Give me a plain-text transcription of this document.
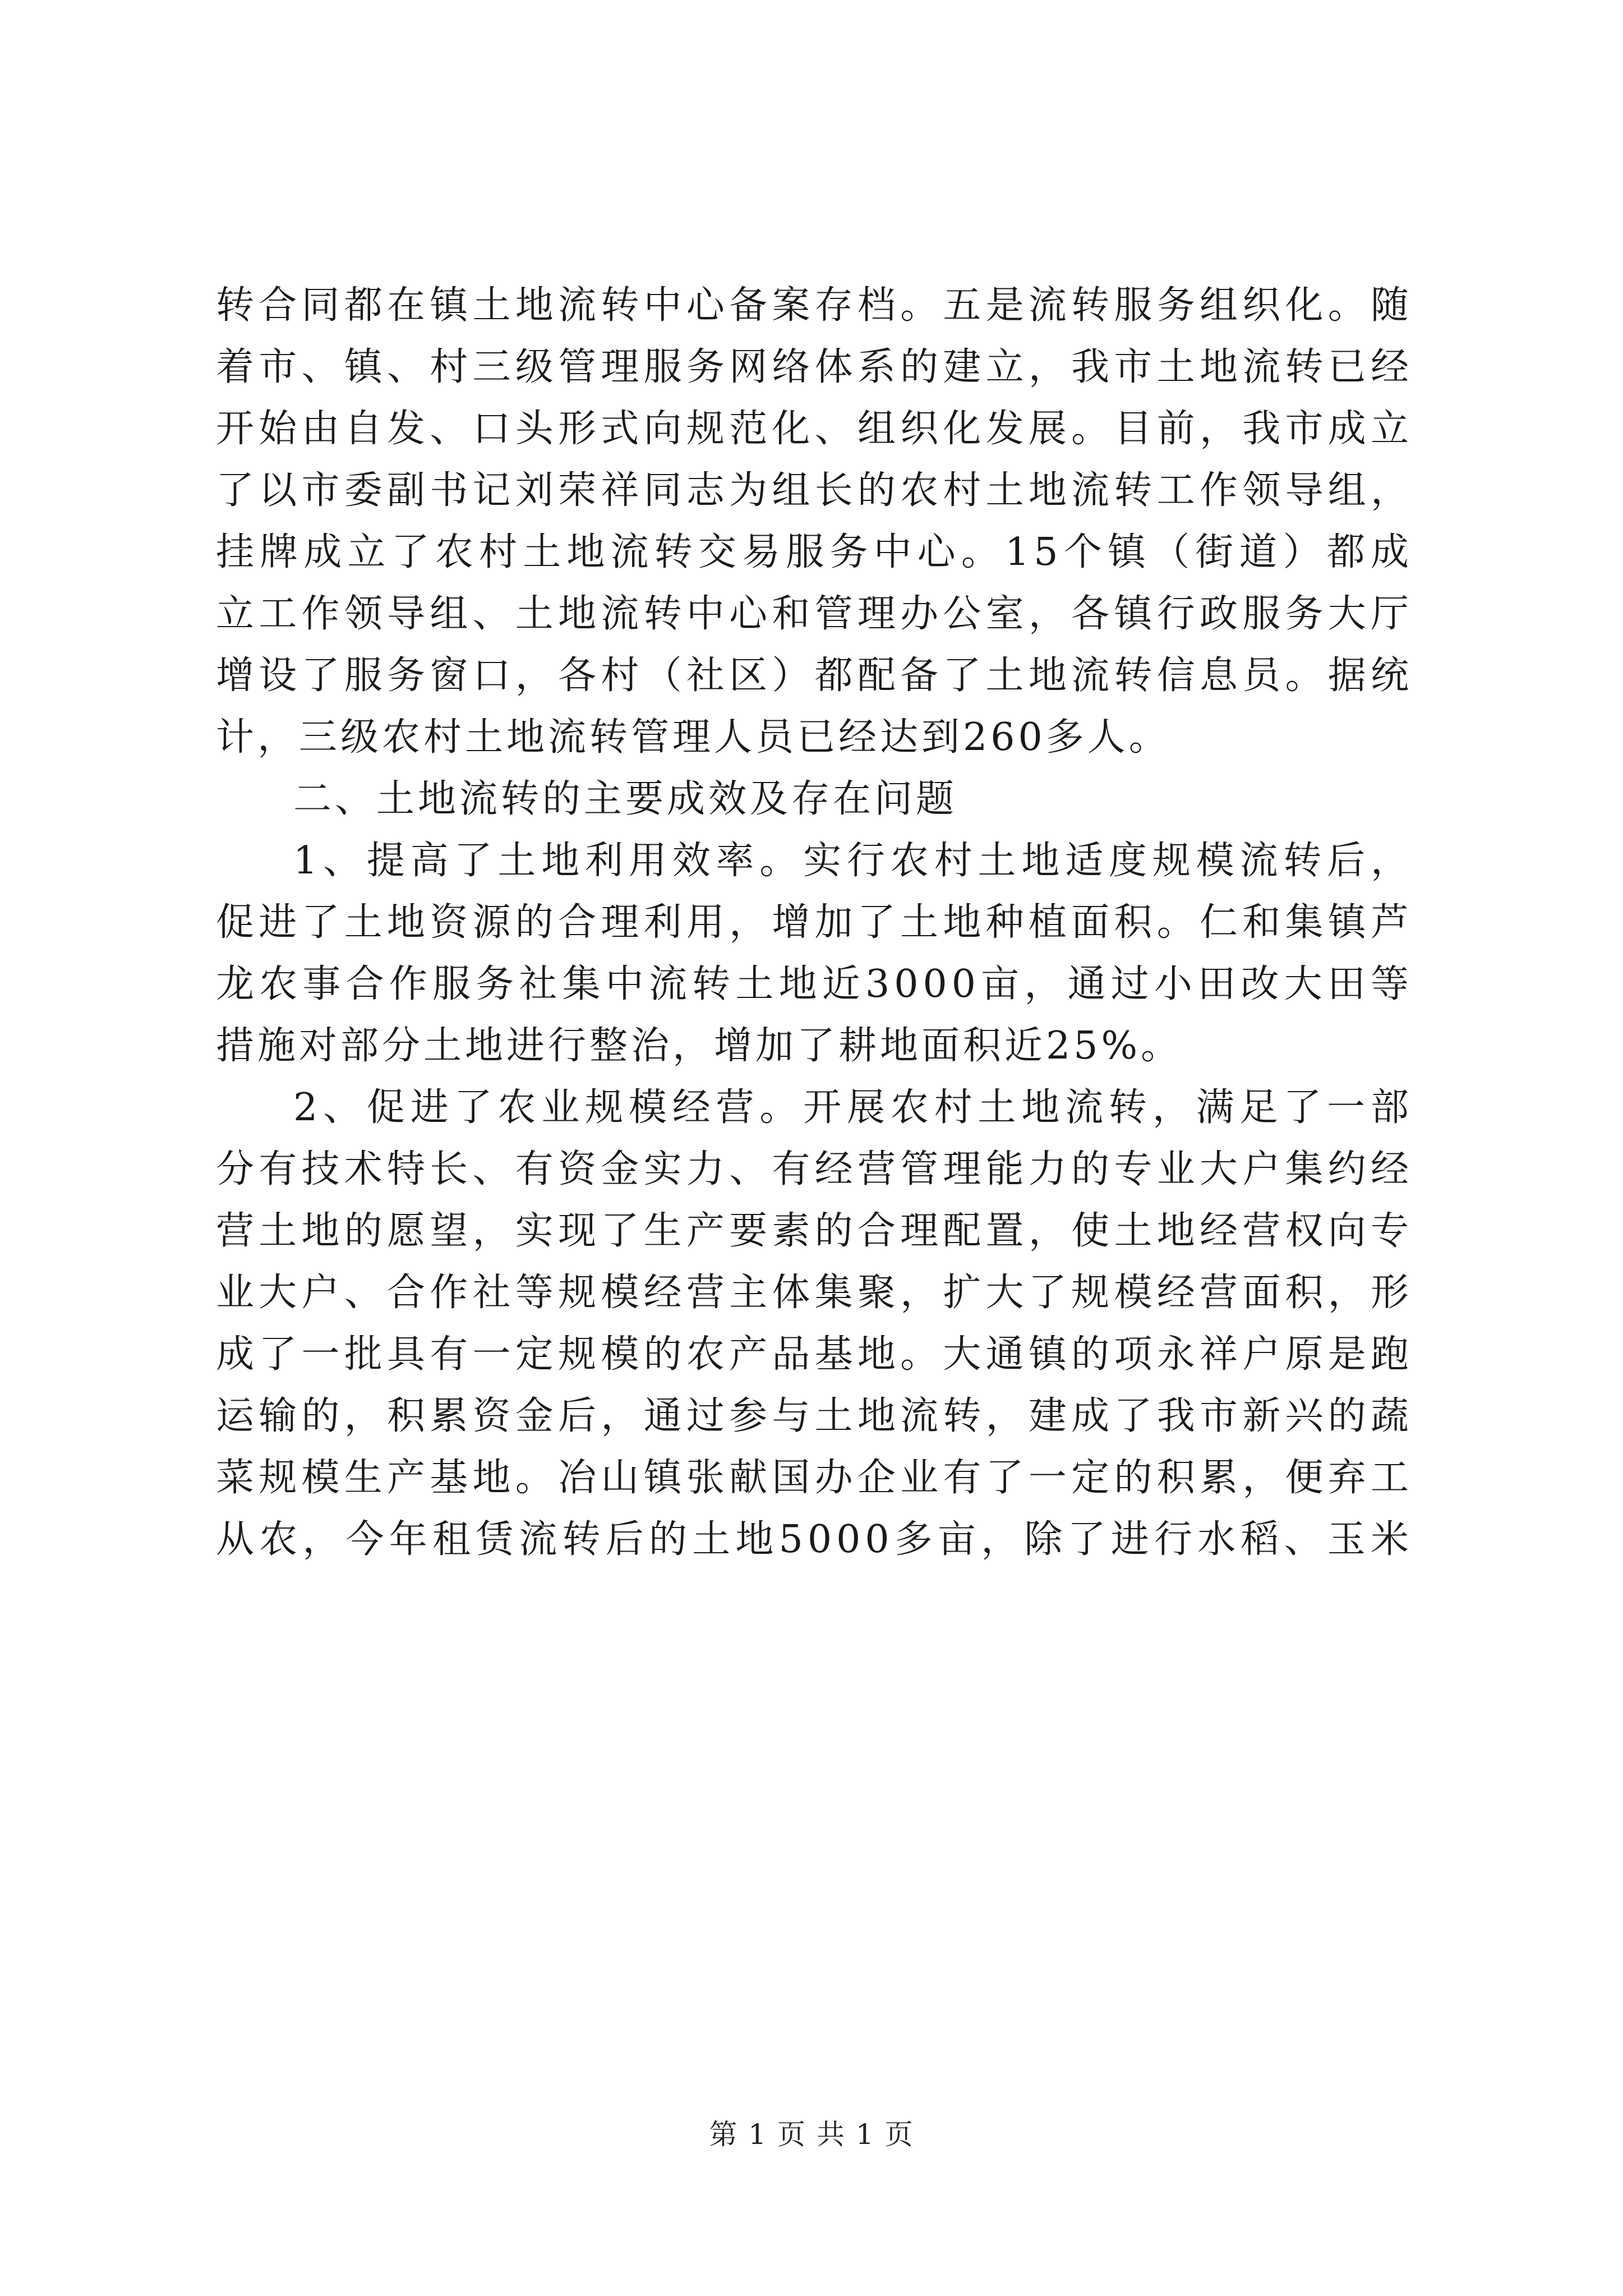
转合同都在镇土地流转中心备案存档。五是流转服务组织化。随
着市、镇、村三级管理服务网络体系的建立，我市土地流转已经
开始由自发、口头形式向规范化、组织化发展。目前，我市成立
了以市委副书记刘荣祥同志为组长的农村土地流转工作领导组，
挂牌成立了农村土地流转交易服务中心。15个镇（街道）都成
立工作领导组、土地流转中心和管理办公室，各镇行政服务大厅
增设了服务窗口，各村（社区）都配备了土地流转信息员。据统
计，三级农村土地流转管理人员已经达到260多人。
二、土地流转的主要成效及存在问题
1、提高了土地利用效率。实行农村土地适度规模流转后，
促进了土地资源的合理利用，增加了土地种植面积。仁和集镇芦
龙农事合作服务社集中流转土地近3000亩，通过小田改大田等
措施对部分土地进行整治，增加了耕地面积近25%。
2、促进了农业规模经营。开展农村土地流转，满足了一部
分有技术特长、有资金实力、有经营管理能力的专业大户集约经
营土地的愿望，实现了生产要素的合理配置，使土地经营权向专
业大户、合作社等规模经营主体集聚，扩大了规模经营面积，形
成了一批具有一定规模的农产品基地。大通镇的项永祥户原是跑
运输的，积累资金后，通过参与土地流转，建成了我市新兴的蔬
菜规模生产基地。冶山镇张献国办企业有了一定的积累，便弃工
从农，今年租赁流转后的土地5000多亩，除了进行水稻、玉米
第 1 页 共 1 页
